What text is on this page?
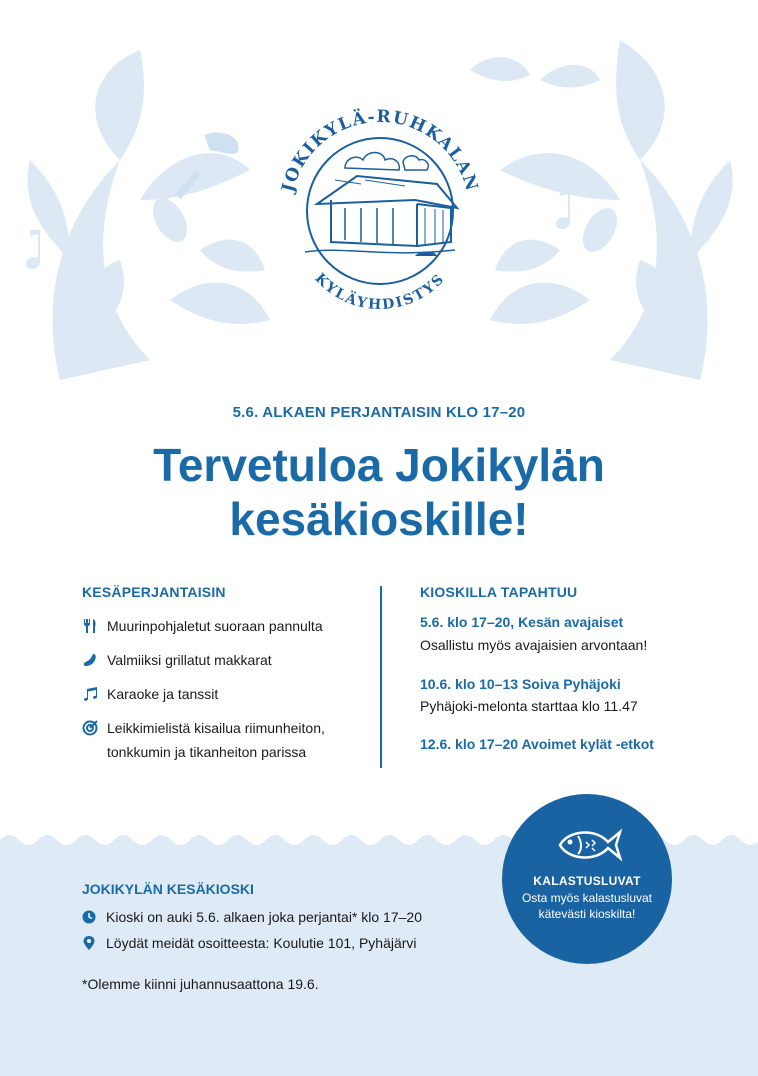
JOKIKYLÄ-RUHKALAN
KYLÄYHDISTYS
5.6. ALKAEN PERJANTAISIN KLO 17–20
Tervetuloa Jokikylän
kesäkioskille!
KESÄPERJANTAISIN
Muurinpohjaletut suoraan pannulta
Valmiiksi grillatut makkarat
Karaoke ja tanssit
Leikkimielistä kisailua riimunheiton,
tonkkumin ja tikanheiton parissa
KIOSKILLA TAPAHTUU
5.6. klo 17–20, Kesän avajaiset
Osallistu myös avajaisien arvontaan!
10.6. klo 10–13 Soiva Pyhäjoki
Pyhäjoki-melonta starttaa klo 11.47
12.6. klo 17–20 Avoimet kylät -etkot
JOKIKYLÄN KESÄKIOSKI
Kioski on auki 5.6. alkaen joka perjantai* klo 17–20
Löydät meidät osoitteesta: Koulutie 101, Pyhäjärvi
*Olemme kiinni juhannusaattona 19.6.
KALASTUSLUVAT
Osta myös kalastusluvat kätevästi kioskilta!
